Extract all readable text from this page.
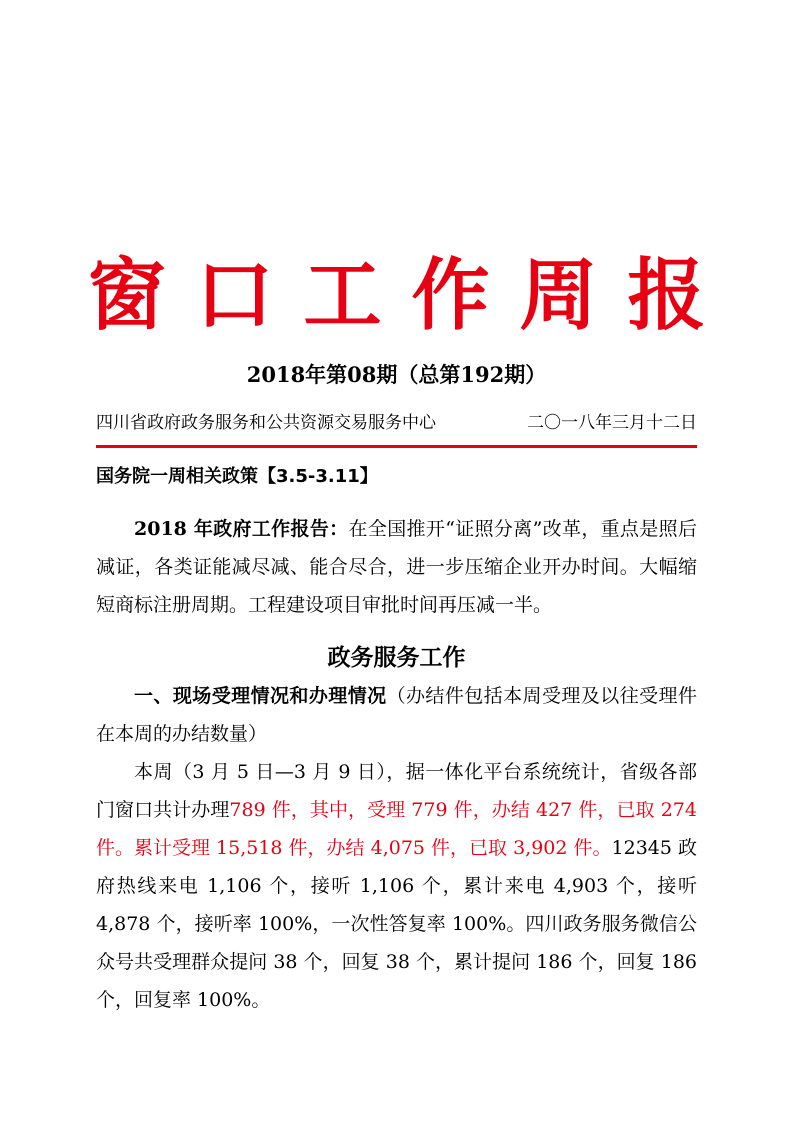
窗口工作周报
2018年第08期（总第192期）
四川省政府政务服务和公共资源交易服务中心	二〇一八年三月十二日
国务院一周相关政策【3.5-3.11】
2018 年政府工作报告：在全国推开“证照分离”改革，重点是照后减证，各类证能减尽减、能合尽合，进一步压缩企业开办时间。大幅缩短商标注册周期。工程建设项目审批时间再压减一半。
政务服务工作
一、现场受理情况和办理情况（办结件包括本周受理及以往受理件在本周的办结数量）
本周（3 月 5 日—3 月 9 日），据一体化平台系统统计，省级各部门窗口共计办理789 件，其中，受理 779 件，办结 427 件，已取 274 件。累计受理 15,518 件，办结 4,075 件，已取 3,902 件。12345 政府热线来电 1,106 个，接听 1,106 个，累计来电 4,903 个，接听 4,878 个，接听率 100%，一次性答复率 100%。四川政务服务微信公众号共受理群众提问 38 个，回复 38 个，累计提问 186 个，回复 186 个，回复率 100%。
